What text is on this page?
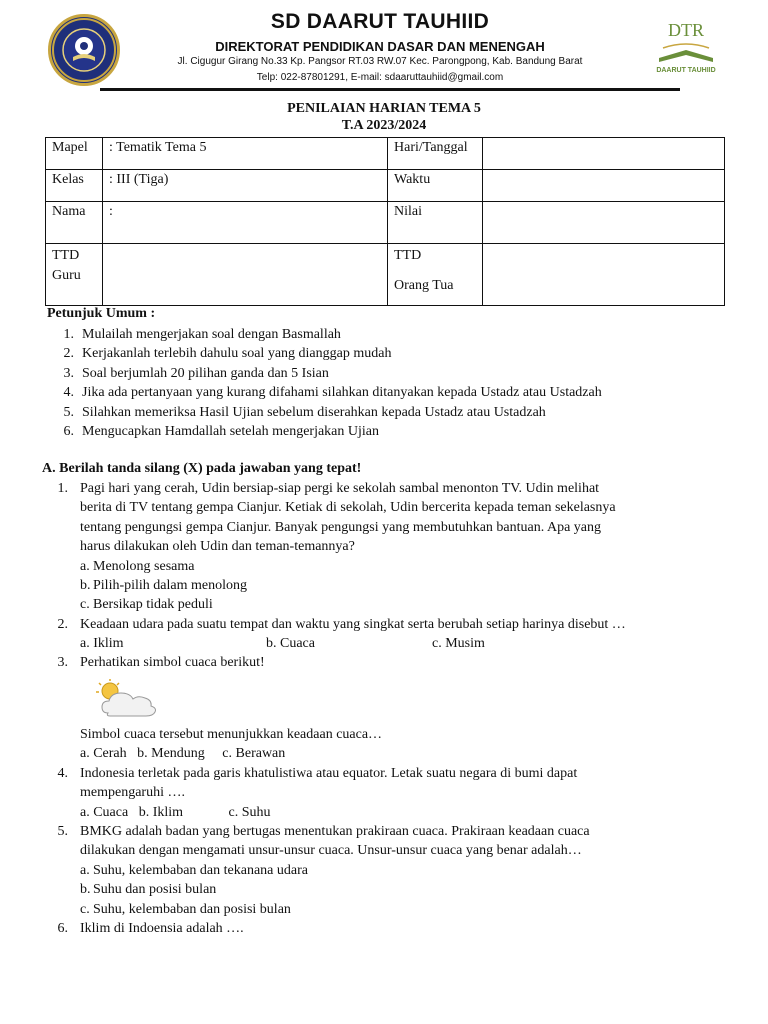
SD DAARUT TAUHIID
DIREKTORAT PENDIDIKAN DASAR DAN MENENGAH
Jl. Cigugur Girang No.33 Kp. Pangsor RT.03 RW.07 Kec. Parongpong, Kab. Bandung Barat
Telp: 022-87801291, E-mail: sdaaruttauhiid@gmail.com
DTR
DAARUT TAUHIID
PENILAIAN HARIAN TEMA 5
T.A 2023/2024
Mapel	: Tematik Tema 5	Hari/Tanggal	
Kelas	: III (Tiga)	Waktu	
Nama	:	Nilai	
TTD
Guru		TTD
Orang Tua	
Petunjuk Umum :
1. Mulailah mengerjakan soal dengan Basmallah
2. Kerjakanlah terlebih dahulu soal yang dianggap mudah
3. Soal berjumlah 20 pilihan ganda dan 5 Isian
4. Jika ada pertanyaan yang kurang difahami silahkan ditanyakan kepada Ustadz atau Ustadzah
5. Silahkan memeriksa Hasil Ujian sebelum diserahkan kepada Ustadz atau Ustadzah
6. Mengucapkan Hamdallah setelah mengerjakan Ujian
A. Berilah tanda silang (X) pada jawaban yang tepat!
1. Pagi hari yang cerah, Udin bersiap-siap pergi ke sekolah sambal menonton TV. Udin melihat
berita di TV tentang gempa Cianjur. Ketiak di sekolah, Udin bercerita kepada teman sekelasnya
tentang pengungsi gempa Cianjur. Banyak pengungsi yang membutuhkan bantuan. Apa yang
harus dilakukan oleh Udin dan teman-temannya?
a. Menolong sesama
b. Pilih-pilih dalam menolong
c. Bersikap tidak peduli
2. Keadaan udara pada suatu tempat dan waktu yang singkat serta berubah setiap harinya disebut …
a. Iklim	b. Cuaca	c. Musim
3. Perhatikan simbol cuaca berikut!
Simbol cuaca tersebut menunjukkan keadaan cuaca…
a. Cerah   b. Mendung     c. Berawan
4. Indonesia terletak pada garis khatulistiwa atau equator. Letak suatu negara di bumi dapat
mempengaruhi ….
a. Cuaca   b. Iklim             c. Suhu
5. BMKG adalah badan yang bertugas menentukan prakiraan cuaca. Prakiraan keadaan cuaca
dilakukan dengan mengamati unsur-unsur cuaca. Unsur-unsur cuaca yang benar adalah…
a. Suhu, kelembaban dan tekanana udara
b. Suhu dan posisi bulan
c. Suhu, kelembaban dan posisi bulan
6. Iklim di Indoensia adalah ….
